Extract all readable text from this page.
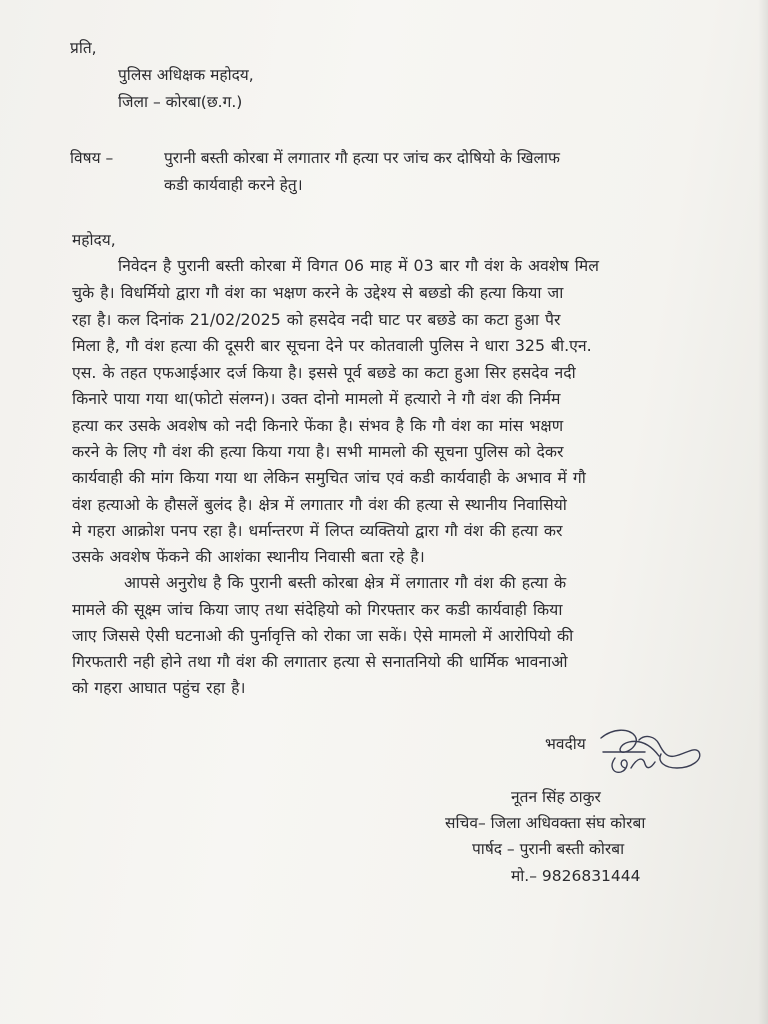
प्रति,
पुलिस अधिक्षक महोदय,
जिला – कोरबा(छ.ग.)
विषय –	पुरानी बस्ती कोरबा में लगातार गौ हत्या पर जांच कर दोषियो के खिलाफ
कडी कार्यवाही करने हेतु।
महोदय,
निवेदन है पुरानी बस्ती कोरबा में विगत 06 माह में 03 बार गौ वंश के अवशेष मिल
चुके है। विधर्मियो द्वारा गौ वंश का भक्षण करने के उद्देश्य से बछडो की हत्या किया जा
रहा है। कल दिनांक 21/02/2025 को हसदेव नदी घाट पर बछडे का कटा हुआ पैर
मिला है, गौ वंश हत्या की दूसरी बार सूचना देने पर कोतवाली पुलिस ने धारा 325 बी.एन.
एस. के तहत एफआईआर दर्ज किया है। इससे पूर्व बछडे का कटा हुआ सिर हसदेव नदी
किनारे पाया गया था(फोटो संलग्न)। उक्त दोनो मामलो में हत्यारो ने गौ वंश की निर्मम
हत्या कर उसके अवशेष को नदी किनारे फेंका है। संभव है कि गौ वंश का मांस भक्षण
करने के लिए गौ वंश की हत्या किया गया है। सभी मामलो की सूचना पुलिस को देकर
कार्यवाही की मांग किया गया था लेकिन समुचित जांच एवं कडी कार्यवाही के अभाव में गौ
वंश हत्याओ के हौसलें बुलंद है। क्षेत्र में लगातार गौ वंश की हत्या से स्थानीय निवासियो
मे गहरा आक्रोश पनप रहा है। धर्मान्तरण में लिप्त व्यक्तियो द्वारा गौ वंश की हत्या कर
उसके अवशेष फेंकने की आशंका स्थानीय निवासी बता रहे है।
आपसे अनुरोध है कि पुरानी बस्ती कोरबा क्षेत्र में लगातार गौ वंश की हत्या के
मामले की सूक्ष्म जांच किया जाए तथा संदेहियो को गिरफ्तार कर कडी कार्यवाही किया
जाए जिससे ऐसी घटनाओ की पुर्नावृत्ति को रोका जा सकें। ऐसे मामलो में आरोपियो की
गिरफतारी नही होने तथा गौ वंश की लगातार हत्या से सनातनियो की धार्मिक भावनाओ
को गहरा आघात पहुंच रहा है।
भवदीय
नूतन सिंह ठाकुर
सचिव– जिला अधिवक्ता संघ कोरबा
पार्षद – पुरानी बस्ती कोरबा
मो.– 9826831444
